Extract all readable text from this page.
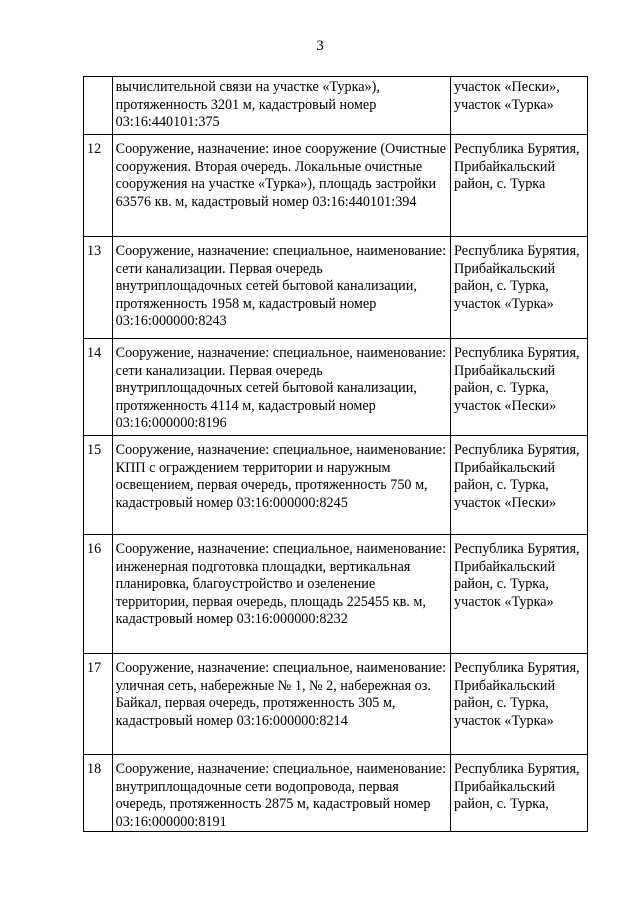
3
	вычислительной связи на участке «Турка»), протяженность 3201 м, кадастровый номер 03:16:440101:375	участок «Пески», участок «Турка»
12	Сооружение, назначение: иное сооружение (Очистные сооружения. Вторая очередь. Локальные очистные сооружения на участке «Турка»), площадь застройки 63576 кв. м, кадастровый номер 03:16:440101:394	Республика Бурятия, Прибайкальский район, с. Турка
13	Сооружение, назначение: специальное, наименование: сети канализации. Первая очередь внутриплощадочных сетей бытовой канализации, протяженность 1958 м, кадастровый номер 03:16:000000:8243	Республика Бурятия, Прибайкальский район, с. Турка, участок «Турка»
14	Сооружение, назначение: специальное, наименование: сети канализации. Первая очередь внутриплощадочных сетей бытовой канализации, протяженность 4114 м, кадастровый номер 03:16:000000:8196	Республика Бурятия, Прибайкальский район, с. Турка, участок «Пески»
15	Сооружение, назначение: специальное, наименование: КПП с ограждением территории и наружным освещением, первая очередь, протяженность 750 м, кадастровый номер 03:16:000000:8245	Республика Бурятия, Прибайкальский район, с. Турка, участок «Пески»
16	Сооружение, назначение: специальное, наименование: инженерная подготовка площадки, вертикальная планировка, благоустройство и озеленение территории, первая очередь, площадь 225455 кв. м, кадастровый номер 03:16:000000:8232	Республика Бурятия, Прибайкальский район, с. Турка, участок «Турка»
17	Сооружение, назначение: специальное, наименование: уличная сеть, набережные № 1, № 2, набережная оз. Байкал, первая очередь, протяженность 305 м, кадастровый номер 03:16:000000:8214	Республика Бурятия, Прибайкальский район, с. Турка, участок «Турка»
18	Сооружение, назначение: специальное, наименование: внутриплощадочные сети водопровода, первая очередь, протяженность 2875 м, кадастровый номер 03:16:000000:8191	Республика Бурятия, Прибайкальский район, с. Турка,
